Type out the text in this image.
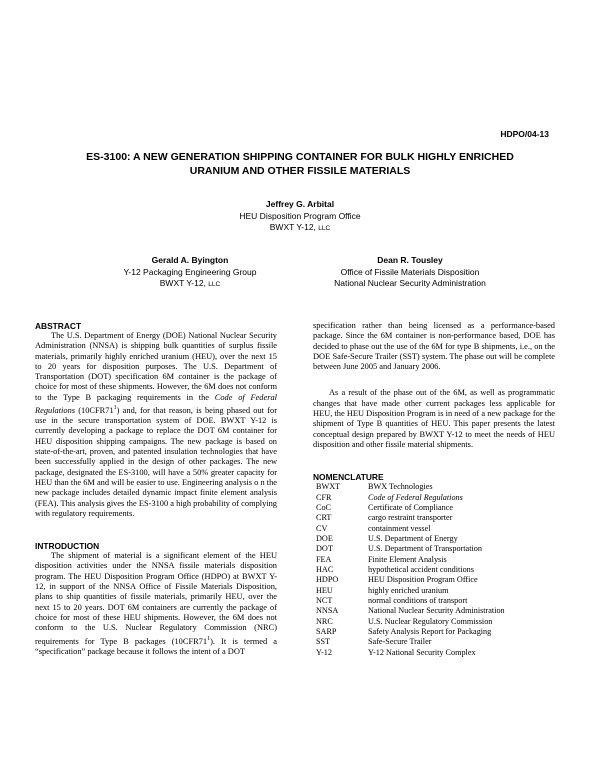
HDPO/04-13
ES-3100: A NEW GENERATION SHIPPING CONTAINER FOR BULK HIGHLY ENRICHED
URANIUM AND OTHER FISSILE MATERIALS
Jeffrey G. Arbital
HEU Disposition Program Office
BWXT Y-12, LLC
Gerald A. Byington
Y-12 Packaging Engineering Group
BWXT Y-12, LLC
Dean R. Tousley
Office of Fissile Materials Disposition
National Nuclear Security Administration
ABSTRACT

The U.S. Department of Energy (DOE) National Nuclear Security Administration (NNSA) is shipping bulk quantities of surplus fissile materials, primarily highly enriched uranium (HEU), over the next 15 to 20 years for disposition purposes. The U.S. Department of Transportation (DOT) specification 6M container is the package of choice for most of these shipments. However, the 6M does not conform to the Type B packaging requirements in the Code of Federal Regulations $(10CFR71^1)$ and, for that reason, is being phased out for use in the secure transportation system of DOE. BWXT Y-12 is currently developing a package to replace the DOT 6M container for HEU disposition shipping campaigns. The new package is based on state-of-the-art, proven, and patented insulation technologies that have been successfully applied in the design of other packages. The new package, designated the ES-3100, will have a 50% greater capacity for HEU than the 6M and will be easier to use. Engineering analysis o n the new package includes detailed dynamic impact finite element analysis (FEA). This analysis gives the ES-3100 a high probability of complying with regulatory requirements.

INTRODUCTION

The shipment of material is a significant element of the HEU disposition activities under the NNSA fissile materials disposition program. The HEU Disposition Program Office (HDPO) at BWXT Y-12, in support of the NNSA Office of Fissile Materials Disposition, plans to ship quantities of fissile materials, primarily HEU, over the next 15 to 20 years. DOT 6M containers are currently the package of choice for most of these HEU shipments. However, the 6M does not conform to the U.S. Nuclear Regulatory Commission (NRC) requirements for Type B packages $(10CFR71^1)$. It is termed a “specification” package because it follows the intent of a DOT

specification rather than being licensed as a performance-based package. Since the 6M container is non-performance based, DOE has decided to phase out the use of the 6M for type B shipments, i.e., on the DOE Safe-Secure Trailer (SST) system. The phase out will be complete between June 2005 and January 2006.

As a result of the phase out of the 6M, as well as programmatic changes that have made other current packages less applicable for HEU, the HEU Disposition Program is in need of a new package for the shipment of Type B quantities of HEU. This paper presents the latest conceptual design prepared by BWXT Y-12 to meet the needs of HEU disposition and other fissile material shipments.

NOMENCLATURE
BWXT	BWX Technologies
CFR	Code of Federal Regulations
CoC	Certificate of Compliance
CRT	cargo restraint transporter
CV	containment vessel
DOE	U.S. Department of Energy
DOT	U.S. Department of Transportation
FEA	Finite Element Analysis
HAC	hypothetical accident conditions
HDPO	HEU Disposition Program Office
HEU	highly enriched uranium
NCT	normal conditions of transport
NNSA	National Nuclear Security Administration
NRC	U.S. Nuclear Regulatory Commission
SARP	Safety Analysis Report for Packaging
SST	Safe-Secure Trailer
Y-12	Y-12 National Security Complex
